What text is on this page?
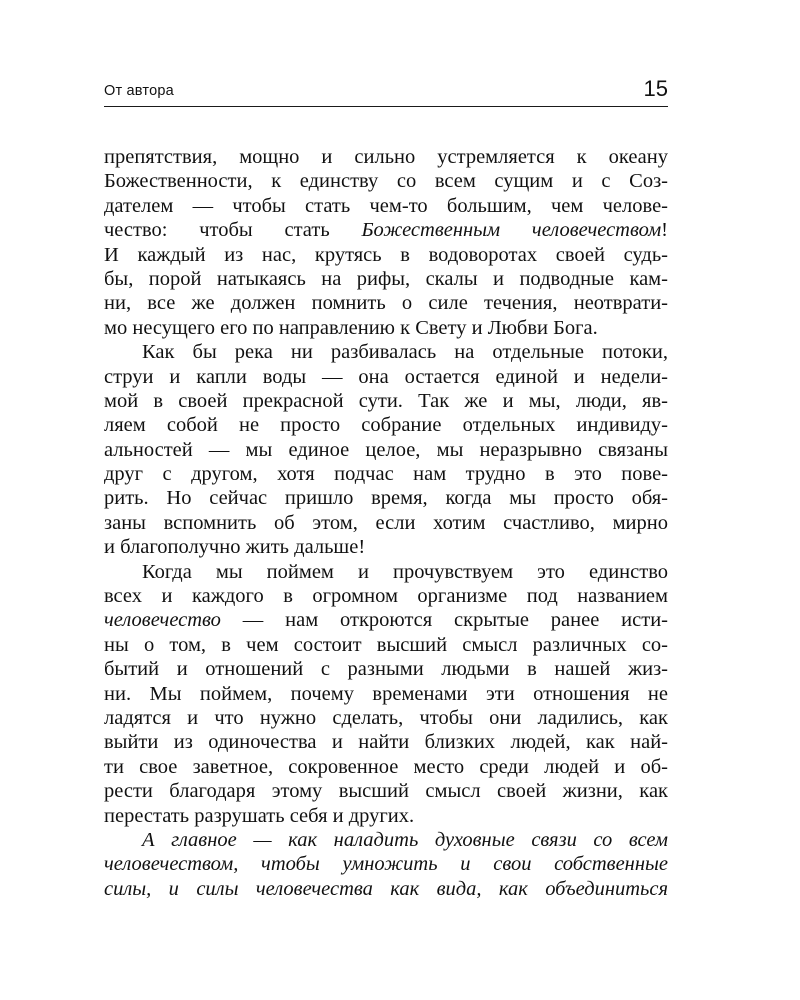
От автора	15
препятствия, мощно и сильно устремляется к океану
Божественности, к единству со всем сущим и с Соз-
дателем — чтобы стать чем-то большим, чем челове-
чество: чтобы стать Божественным человечеством!
И каждый из нас, крутясь в водоворотах своей судь-
бы, порой натыкаясь на рифы, скалы и подводные кам-
ни, все же должен помнить о силе течения, неотврати-
мо несущего его по направлению к Свету и Любви Бога.
Как бы река ни разбивалась на отдельные потоки,
струи и капли воды — она остается единой и недели-
мой в своей прекрасной сути. Так же и мы, люди, яв-
ляем собой не просто собрание отдельных индивиду-
альностей — мы единое целое, мы неразрывно связаны
друг с другом, хотя подчас нам трудно в это пове-
рить. Но сейчас пришло время, когда мы просто обя-
заны вспомнить об этом, если хотим счастливо, мирно
и благополучно жить дальше!
Когда мы поймем и прочувствуем это единство
всех и каждого в огромном организме под названием
человечество — нам откроются скрытые ранее исти-
ны о том, в чем состоит высший смысл различных со-
бытий и отношений с разными людьми в нашей жиз-
ни. Мы поймем, почему временами эти отношения не
ладятся и что нужно сделать, чтобы они ладились, как
выйти из одиночества и найти близких людей, как най-
ти свое заветное, сокровенное место среди людей и об-
рести благодаря этому высший смысл своей жизни, как
перестать разрушать себя и других.
А главное — как наладить духовные связи со всем
человечеством, чтобы умножить и свои собственные
силы, и силы человечества как вида, как объединиться
